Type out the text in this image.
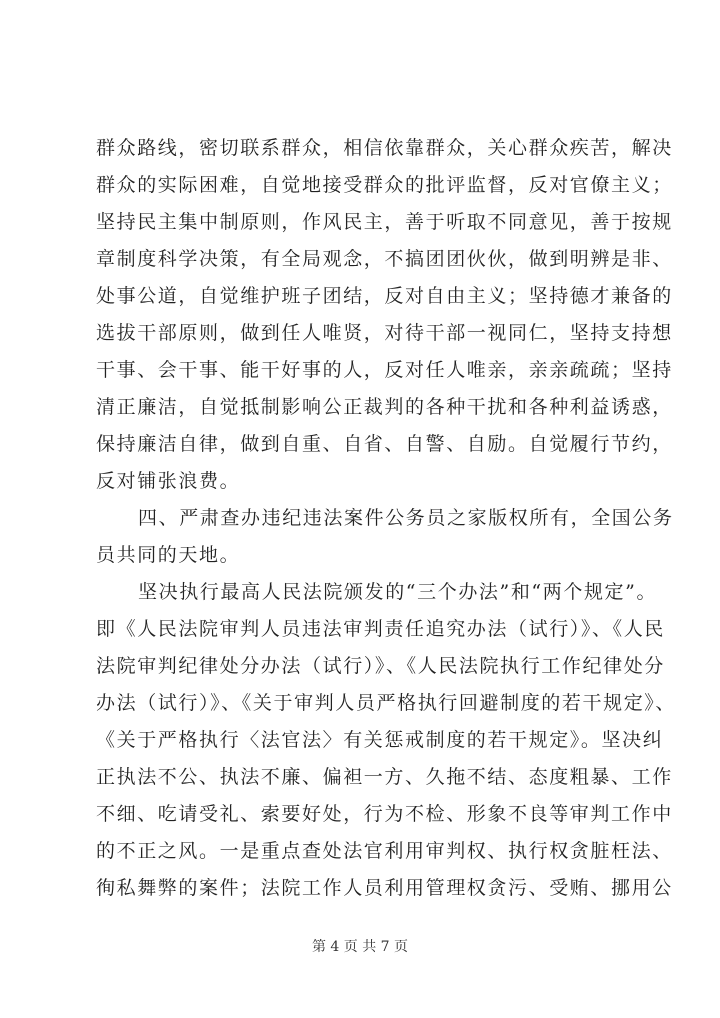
群众路线，密切联系群众，相信依靠群众，关心群众疾苦，解决
群众的实际困难，自觉地接受群众的批评监督，反对官僚主义；
坚持民主集中制原则，作风民主，善于听取不同意见，善于按规
章制度科学决策，有全局观念，不搞团团伙伙，做到明辨是非、
处事公道，自觉维护班子团结，反对自由主义；坚持德才兼备的
选拔干部原则，做到任人唯贤，对待干部一视同仁，坚持支持想
干事、会干事、能干好事的人，反对任人唯亲，亲亲疏疏；坚持
清正廉洁，自觉抵制影响公正裁判的各种干扰和各种利益诱惑，
保持廉洁自律，做到自重、自省、自警、自励。自觉履行节约，
反对铺张浪费。
四、严肃查办违纪违法案件公务员之家版权所有，全国公务
员共同的天地。
坚决执行最高人民法院颁发的“三个办法”和“两个规定”。
即《人民法院审判人员违法审判责任追究办法（试行）》、《人民
法院审判纪律处分办法（试行）》、《人民法院执行工作纪律处分
办法（试行）》、《关于审判人员严格执行回避制度的若干规定》、
《关于严格执行〈法官法〉有关惩戒制度的若干规定》。坚决纠
正执法不公、执法不廉、偏袒一方、久拖不结、态度粗暴、工作
不细、吃请受礼、索要好处，行为不检、形象不良等审判工作中
的不正之风。一是重点查处法官利用审判权、执行权贪脏枉法、
徇私舞弊的案件；法院工作人员利用管理权贪污、受贿、挪用公
第 4 页 共 7 页
